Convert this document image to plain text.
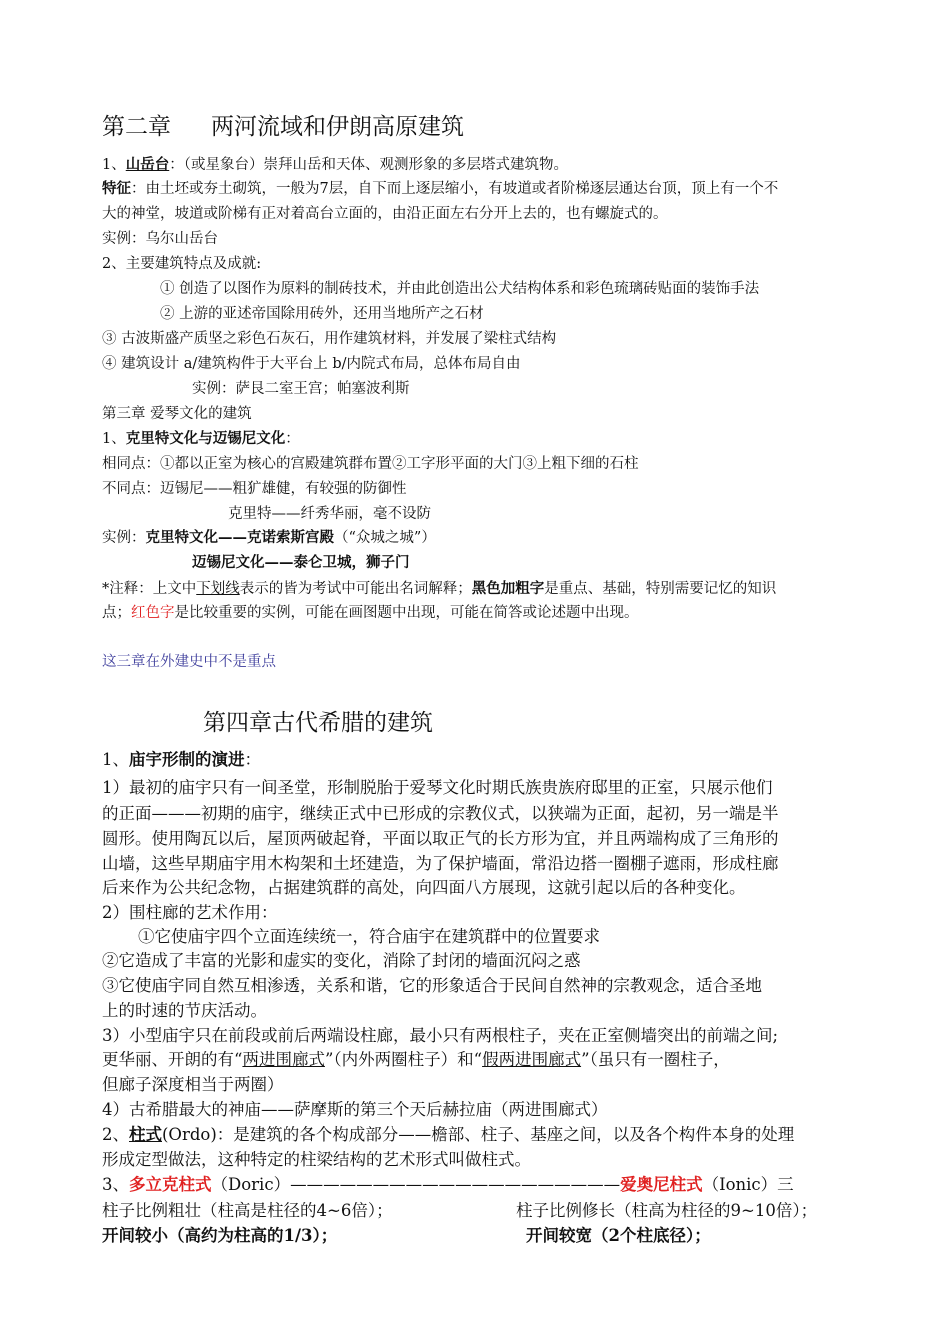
第二章 两河流域和伊朗高原建筑
1、山岳台：（或星象台）崇拜山岳和天体、观测形象的多层塔式建筑物。
特征：由土坯或夯土砌筑，一般为7层，自下而上逐层缩小，有坡道或者阶梯逐层通达台顶，顶上有一个不
大的神堂，坡道或阶梯有正对着高台立面的，由沿正面左右分开上去的，也有螺旋式的。
实例：乌尔山岳台
2、主要建筑特点及成就:
① 创造了以图作为原料的制砖技术，并由此创造出公犬结构体系和彩色琉璃砖贴面的装饰手法
② 上游的亚述帝国除用砖外，还用当地所产之石材
③ 古波斯盛产质坚之彩色石灰石，用作建筑材料，并发展了梁柱式结构
④ 建筑设计 a/建筑构件于大平台上 b/内院式布局，总体布局自由
实例：萨艮二室王宫；帕塞波利斯
第三章 爱琴文化的建筑
1、克里特文化与迈锡尼文化：
相同点：①都以正室为核心的宫殿建筑群布置②工字形平面的大门③上粗下细的石柱
不同点：迈锡尼——粗犷雄健，有较强的防御性
克里特——纤秀华丽，毫不设防
实例：克里特文化——克诺索斯宫殿（“众城之城”）
迈锡尼文化——泰仑卫城，狮子门
*注释：上文中下划线表示的皆为考试中可能出名词解释；黑色加粗字是重点、基础，特别需要记忆的知识
点；红色字是比较重要的实例，可能在画图题中出现，可能在简答或论述题中出现。
这三章在外建史中不是重点
第四章古代希腊的建筑
1、庙宇形制的演进：
1）最初的庙宇只有一间圣堂，形制脱胎于爱琴文化时期氏族贵族府邸里的正室，只展示他们
的正面———初期的庙宇，继续正式中已形成的宗教仪式，以狭端为正面，起初，另一端是半
圆形。使用陶瓦以后，屋顶两破起脊，平面以取正气的长方形为宜，并且两端构成了三角形的
山墙，这些早期庙宇用木构架和土坯建造，为了保护墙面，常沿边搭一圈棚子遮雨，形成柱廊
后来作为公共纪念物，占据建筑群的高处，向四面八方展现，这就引起以后的各种变化。
2）围柱廊的艺术作用：
①它使庙宇四个立面连续统一，符合庙宇在建筑群中的位置要求
②它造成了丰富的光影和虚实的变化，消除了封闭的墙面沉闷之惑
③它使庙宇同自然互相渗透，关系和谐，它的形象适合于民间自然神的宗教观念，适合圣地
上的时速的节庆活动。
3）小型庙宇只在前段或前后两端设柱廊，最小只有两根柱子，夹在正室侧墙突出的前端之间;
更华丽、开朗的有“两进围廊式”（内外两圈柱子）和“假两进围廊式”（虽只有一圈柱子，
但廊子深度相当于两圈）
4）古希腊最大的神庙——萨摩斯的第三个天后赫拉庙（两进围廊式）
2、柱式(Ordo)：是建筑的各个构成部分——檐部、柱子、基座之间，以及各个构件本身的处理
形成定型做法，这种特定的柱梁结构的艺术形式叫做柱式。
3、多立克柱式（Doric）————————————————————爱奥尼柱式（Ionic）三
柱子比例粗壮（柱高是柱径的4~6倍）；	柱子比例修长（柱高为柱径的9~10倍）；
开间较小（高约为柱高的1/3）；	开间较宽（2个柱底径）；
